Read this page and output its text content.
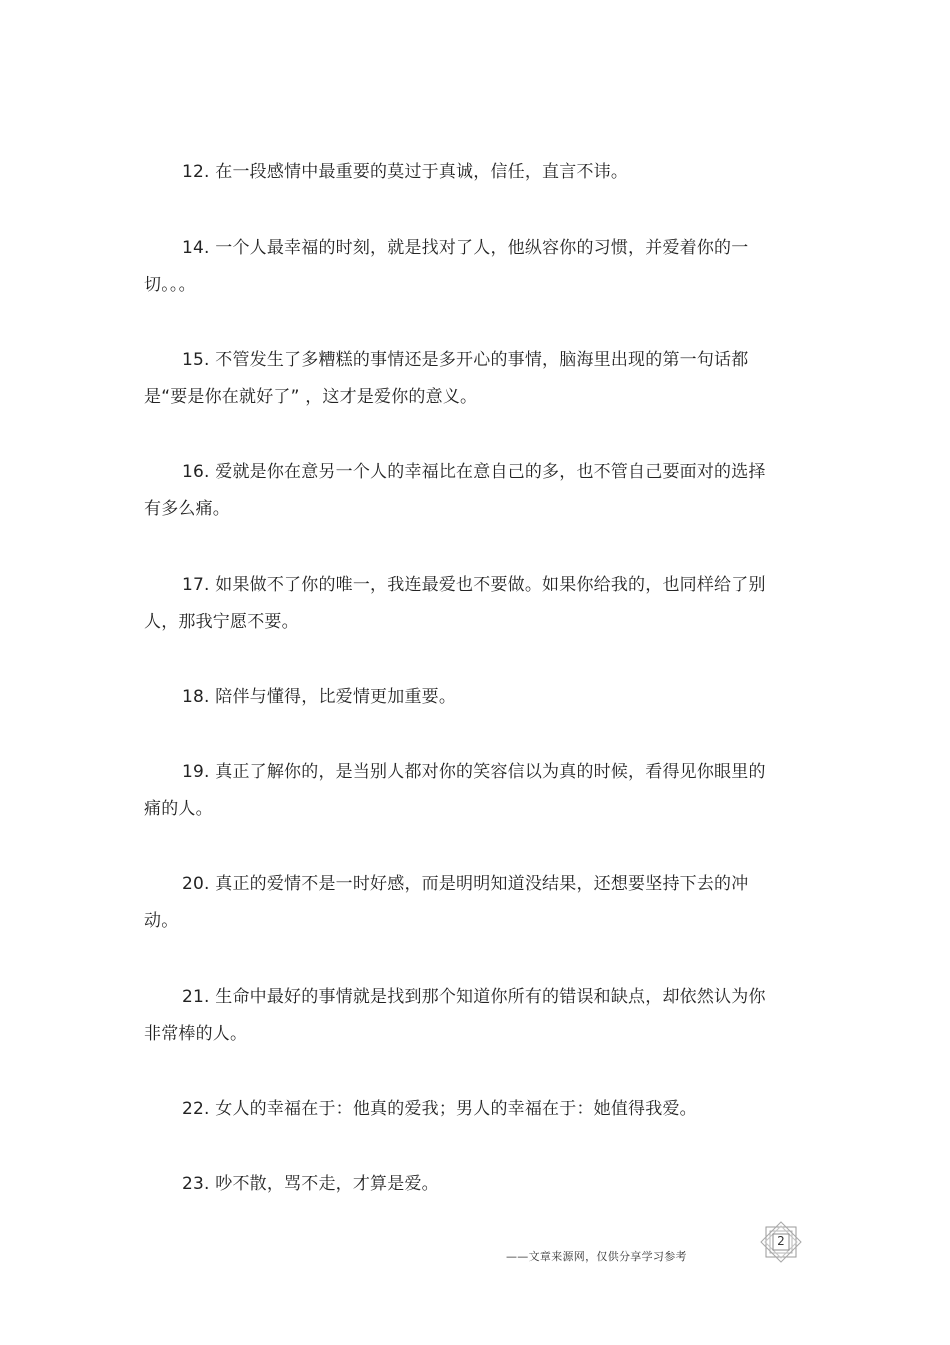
12. 在一段感情中最重要的莫过于真诚，信任，直言不讳。

14. 一个人最幸福的时刻，就是找对了人，他纵容你的习惯，并爱着你的一切。。。

15. 不管发生了多糟糕的事情还是多开心的事情，脑海里出现的第一句话都是“要是你在就好了” ，这才是爱你的意义。

16. 爱就是你在意另一个人的幸福比在意自己的多，也不管自己要面对的选择有多么痛。

17. 如果做不了你的唯一，我连最爱也不要做。如果你给我的，也同样给了别人，那我宁愿不要。

18. 陪伴与懂得，比爱情更加重要。

19. 真正了解你的，是当别人都对你的笑容信以为真的时候，看得见你眼里的痛的人。

20. 真正的爱情不是一时好感，而是明明知道没结果，还想要坚持下去的冲动。

21. 生命中最好的事情就是找到那个知道你所有的错误和缺点，却依然认为你非常棒的人。

22. 女人的幸福在于：他真的爱我；男人的幸福在于：她值得我爱。

23. 吵不散，骂不走，才算是爱。

——文章来源网，仅供分享学习参考
2
